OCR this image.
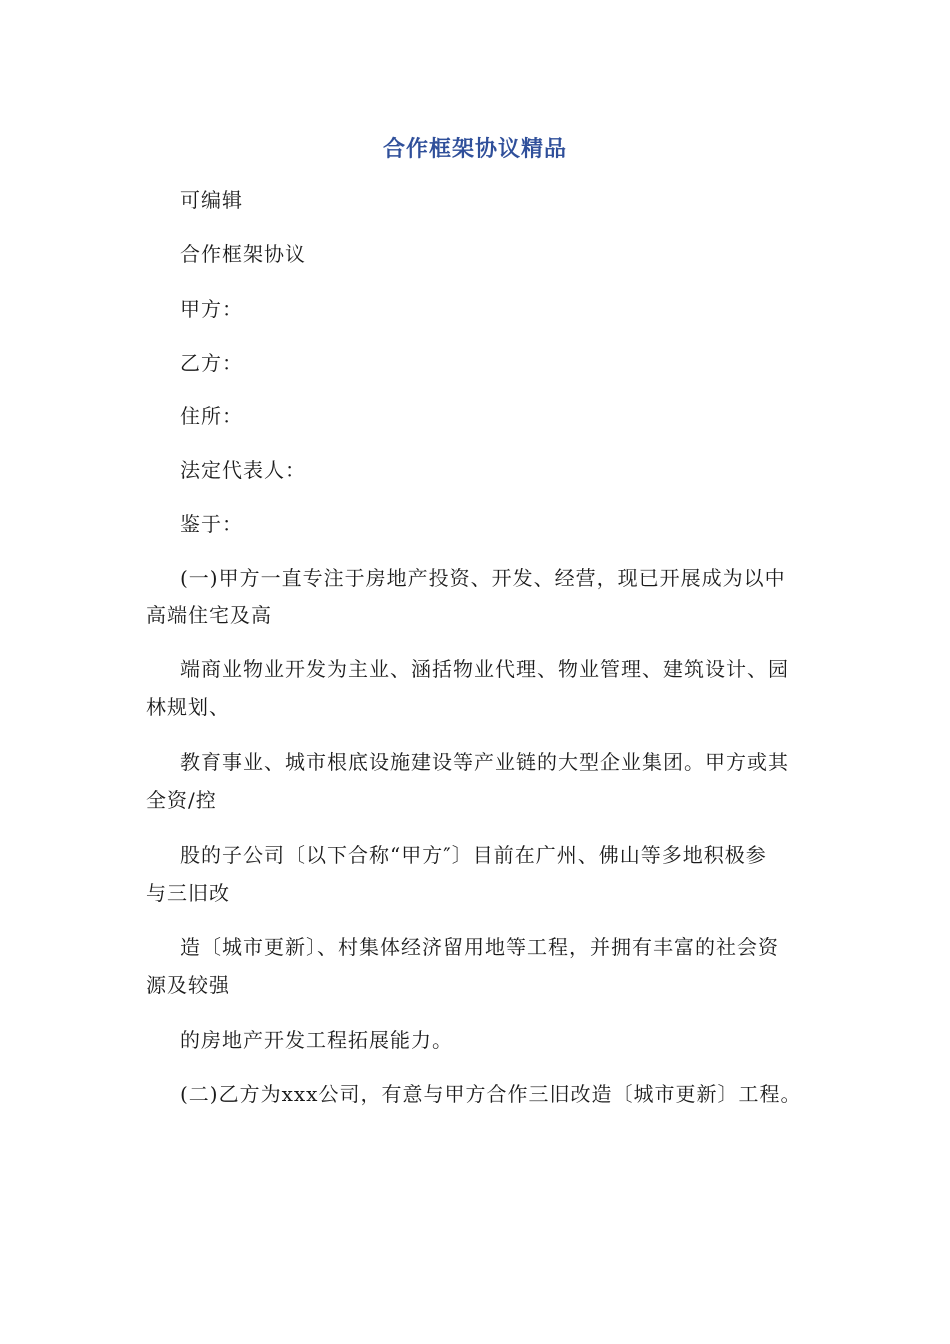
合作框架协议精品
可编辑
合作框架协议
甲方：
乙方：
住所：
法定代表人：
鉴于：
(一)甲方一直专注于房地产投资、开发、经营，现已开展成为以中
高端住宅及高
端商业物业开发为主业、涵括物业代理、物业管理、建筑设计、园
林规划、
教育事业、城市根底设施建设等产业链的大型企业集团。甲方或其
全资/控
股的子公司〔以下合称“甲方″〕目前在广州、佛山等多地积极参
与三旧改
造〔城市更新〕、村集体经济留用地等工程，并拥有丰富的社会资
源及较强
的房地产开发工程拓展能力。
(二)乙方为xxx公司，有意与甲方合作三旧改造〔城市更新〕工程。
